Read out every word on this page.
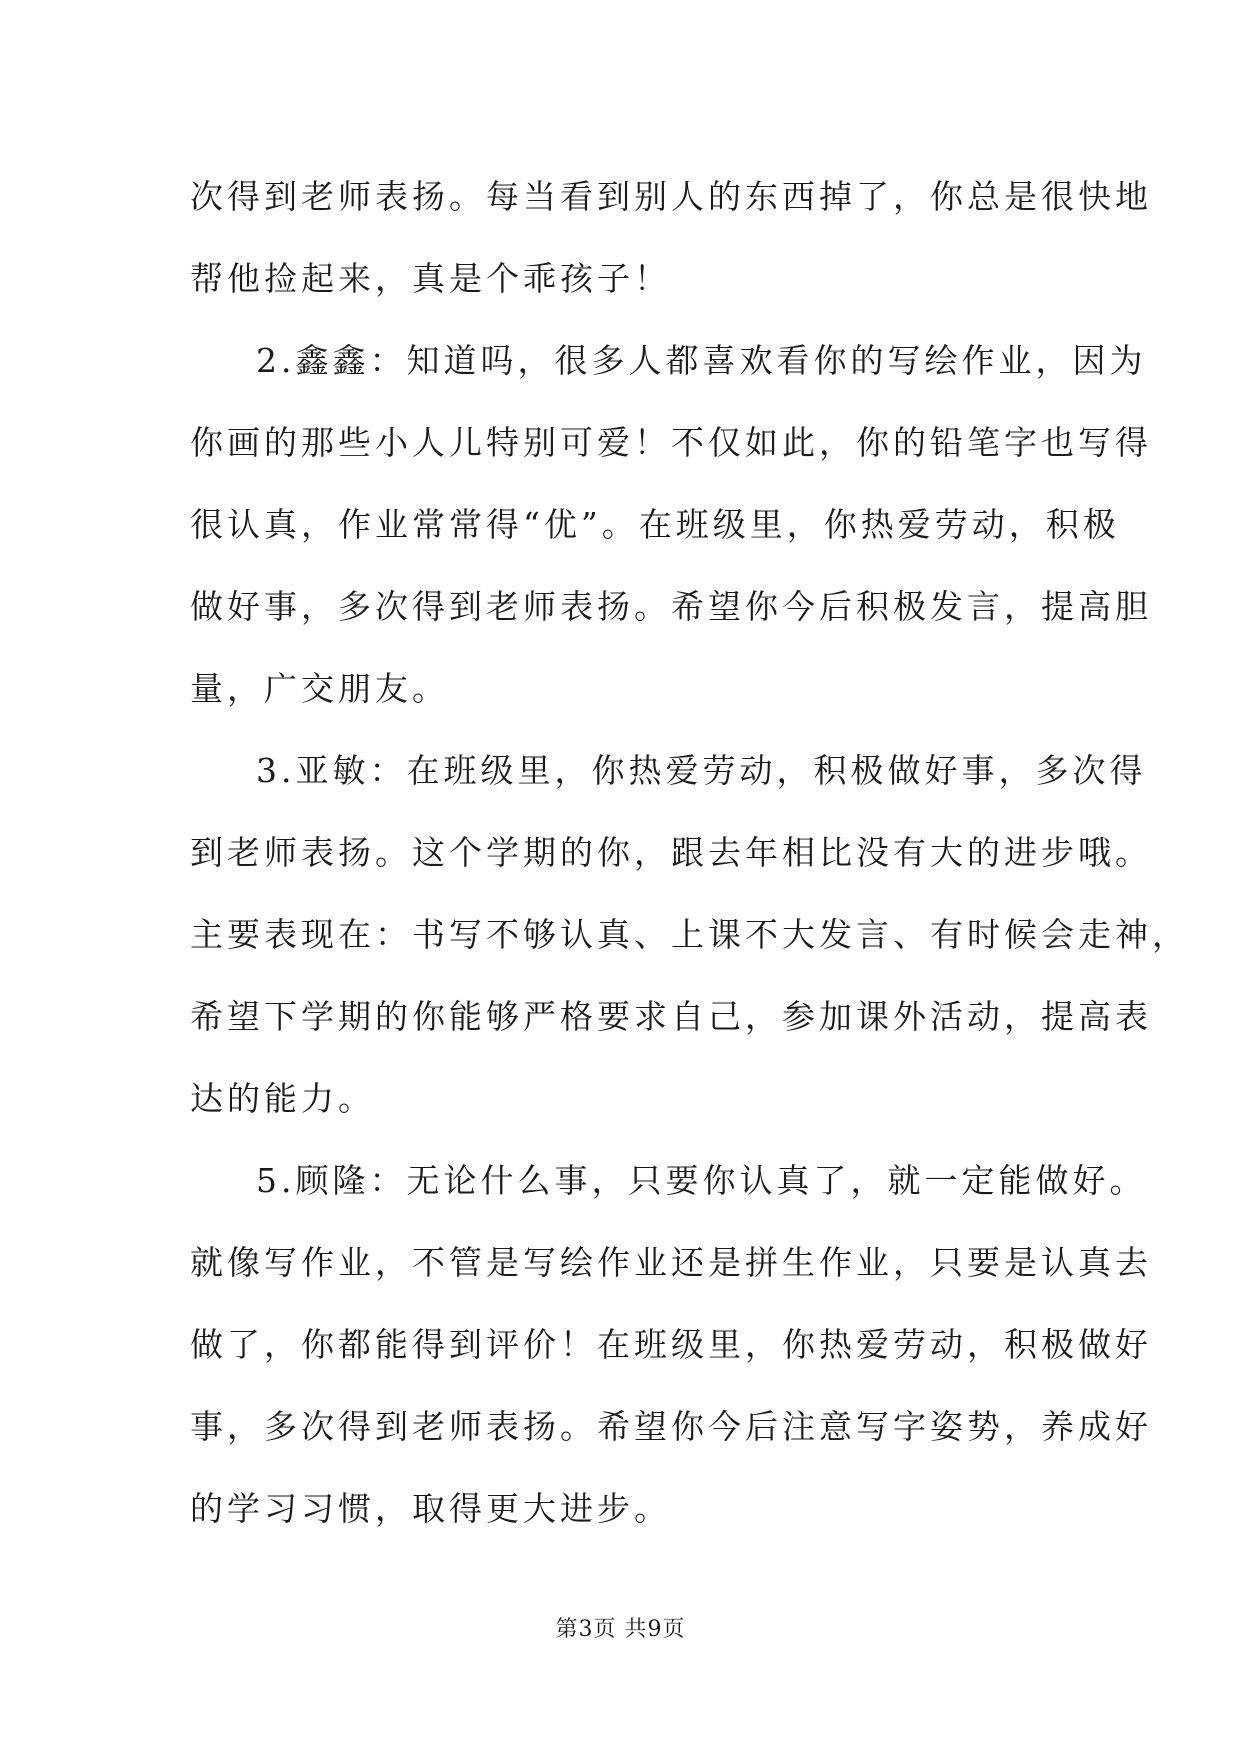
次得到老师表扬。每当看到别人的东西掉了，你总是很快地
帮他捡起来，真是个乖孩子！
2.鑫鑫：知道吗，很多人都喜欢看你的写绘作业，因为
你画的那些小人儿特别可爱！不仅如此，你的铅笔字也写得
很认真，作业常常得“优”。在班级里，你热爱劳动，积极
做好事，多次得到老师表扬。希望你今后积极发言，提高胆
量，广交朋友。
3.亚敏：在班级里，你热爱劳动，积极做好事，多次得
到老师表扬。这个学期的你，跟去年相比没有大的进步哦。
主要表现在：书写不够认真、上课不大发言、有时候会走神，
希望下学期的你能够严格要求自己，参加课外活动，提高表
达的能力。
5.顾隆：无论什么事，只要你认真了，就一定能做好。
就像写作业，不管是写绘作业还是拼生作业，只要是认真去
做了，你都能得到评价！在班级里，你热爱劳动，积极做好
事，多次得到老师表扬。希望你今后注意写字姿势，养成好
的学习习惯，取得更大进步。
第3页 共9页
